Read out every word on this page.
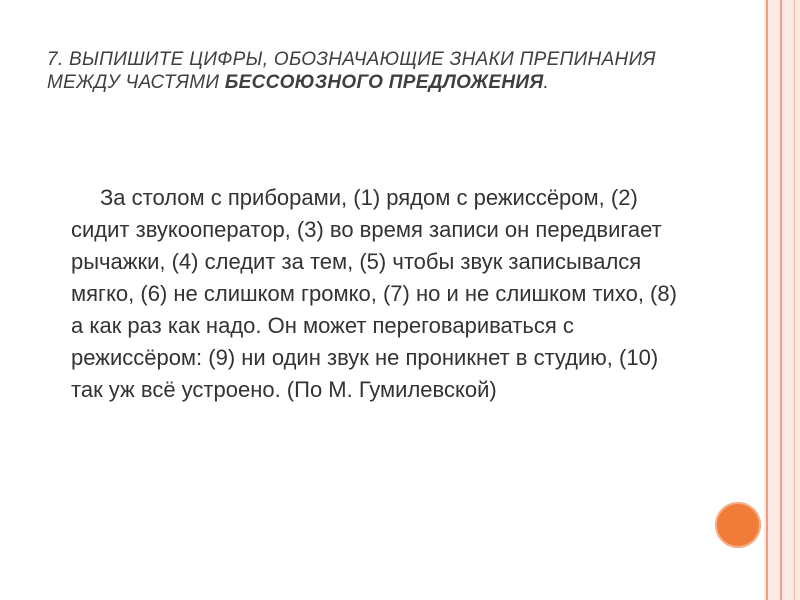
7. ВЫПИШИТЕ ЦИФРЫ, ОБОЗНАЧАЮЩИЕ ЗНАКИ ПРЕПИНАНИЯ МЕЖДУ ЧАСТЯМИ БЕССОЮЗНОГО ПРЕДЛОЖЕНИЯ.
За столом с приборами, (1) рядом с режиссёром, (2) сидит звукооператор, (3) во время записи он передвигает рычажки, (4) следит за тем, (5) чтобы звук записывался мягко, (6) не слишком громко, (7) но и не слишком тихо, (8) а как раз как надо. Он может переговариваться с режиссёром: (9) ни один звук не проникнет в студию, (10) так уж всё устроено. (По М. Гумилевской)
